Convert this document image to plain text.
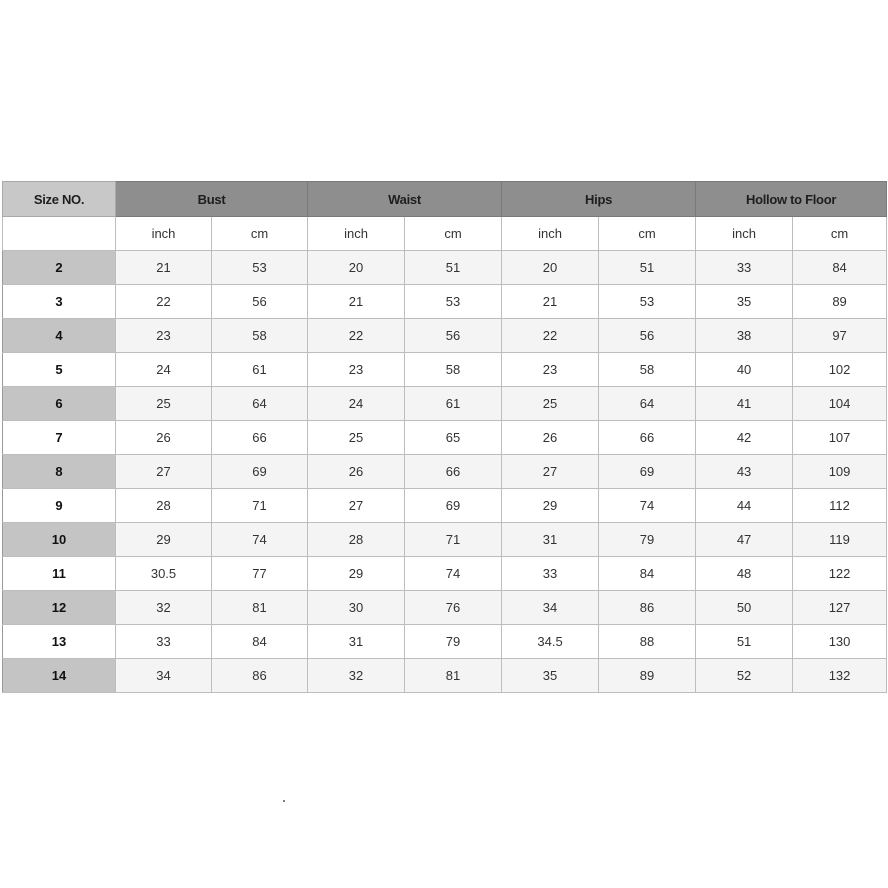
Size NO.	Bust		Waist		Hips		Hollow to Floor	
	inch	cm	inch	cm	inch	cm	inch	cm
2	21	53	20	51	20	51	33	84
3	22	56	21	53	21	53	35	89
4	23	58	22	56	22	56	38	97
5	24	61	23	58	23	58	40	102
6	25	64	24	61	25	64	41	104
7	26	66	25	65	26	66	42	107
8	27	69	26	66	27	69	43	109
9	28	71	27	69	29	74	44	112
10	29	74	28	71	31	79	47	119
11	30.5	77	29	74	33	84	48	122
12	32	81	30	76	34	86	50	127
13	33	84	31	79	34.5	88	51	130
14	34	86	32	81	35	89	52	132
